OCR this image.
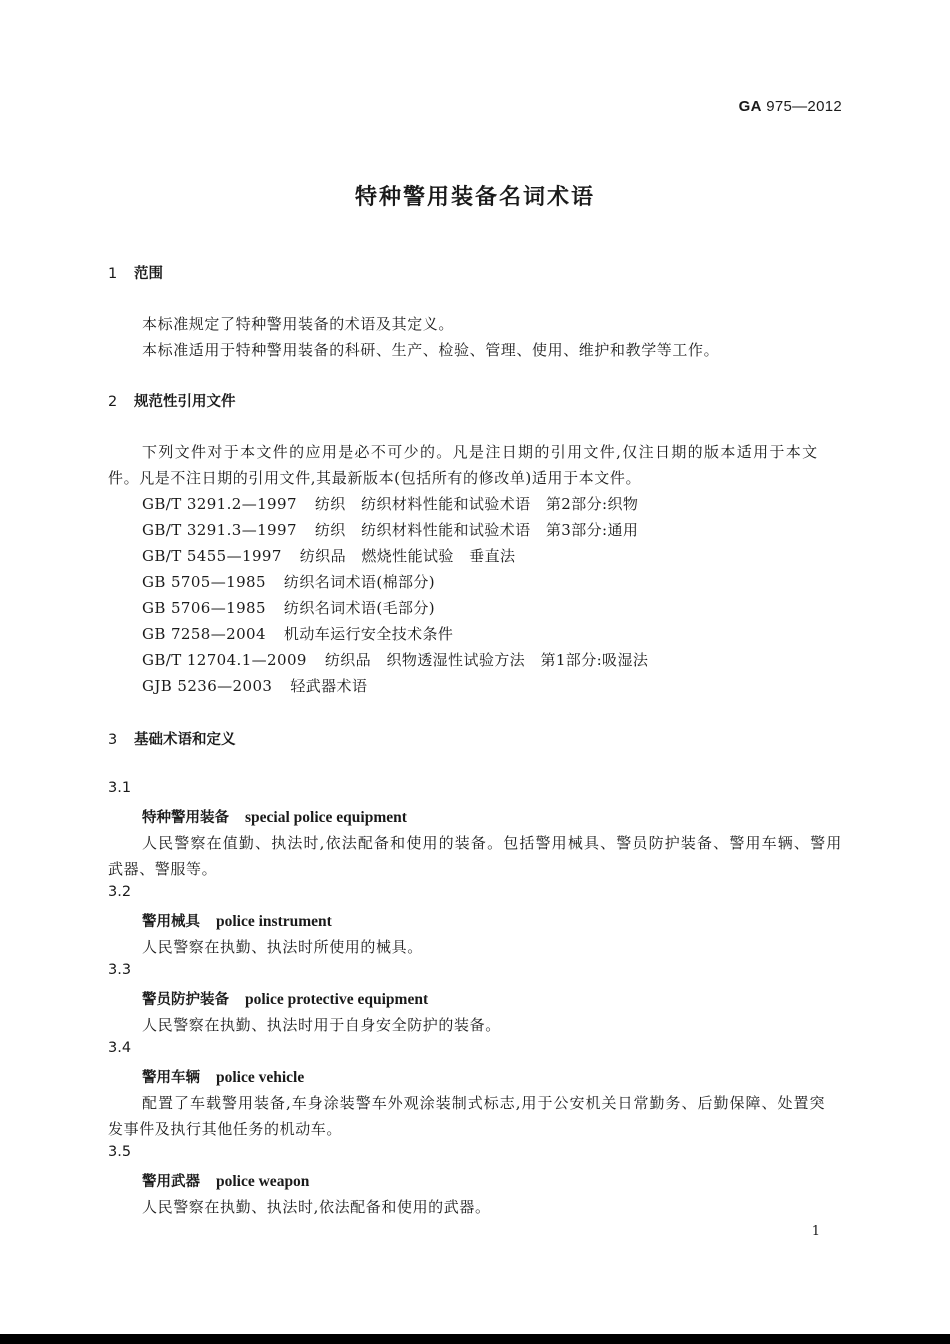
GA 975—2012
特种警用装备名词术语
1 范围
本标准规定了特种警用装备的术语及其定义。
本标准适用于特种警用装备的科研、生产、检验、管理、使用、维护和教学等工作。
2 规范性引用文件
下列文件对于本文件的应用是必不可少的。凡是注日期的引用文件,仅注日期的版本适用于本文
件。凡是不注日期的引用文件,其最新版本(包括所有的修改单)适用于本文件。
GB/T 3291.2—1997 纺织　纺织材料性能和试验术语　第2部分:织物
GB/T 3291.3—1997 纺织　纺织材料性能和试验术语　第3部分:通用
GB/T 5455—1997 纺织品　燃烧性能试验　垂直法
GB 5705—1985 纺织名词术语(棉部分)
GB 5706—1985 纺织名词术语(毛部分)
GB 7258—2004 机动车运行安全技术条件
GB/T 12704.1—2009 纺织品　织物透湿性试验方法　第1部分:吸湿法
GJB 5236—2003 轻武器术语
3 基础术语和定义
3.1
特种警用装备 special police equipment
人民警察在值勤、执法时,依法配备和使用的装备。包括警用械具、警员防护装备、警用车辆、警用
武器、警服等。
3.2
警用械具 police instrument
人民警察在执勤、执法时所使用的械具。
3.3
警员防护装备 police protective equipment
人民警察在执勤、执法时用于自身安全防护的装备。
3.4
警用车辆 police vehicle
配置了车载警用装备,车身涂装警车外观涂装制式标志,用于公安机关日常勤务、后勤保障、处置突
发事件及执行其他任务的机动车。
3.5
警用武器 police weapon
人民警察在执勤、执法时,依法配备和使用的武器。
1
